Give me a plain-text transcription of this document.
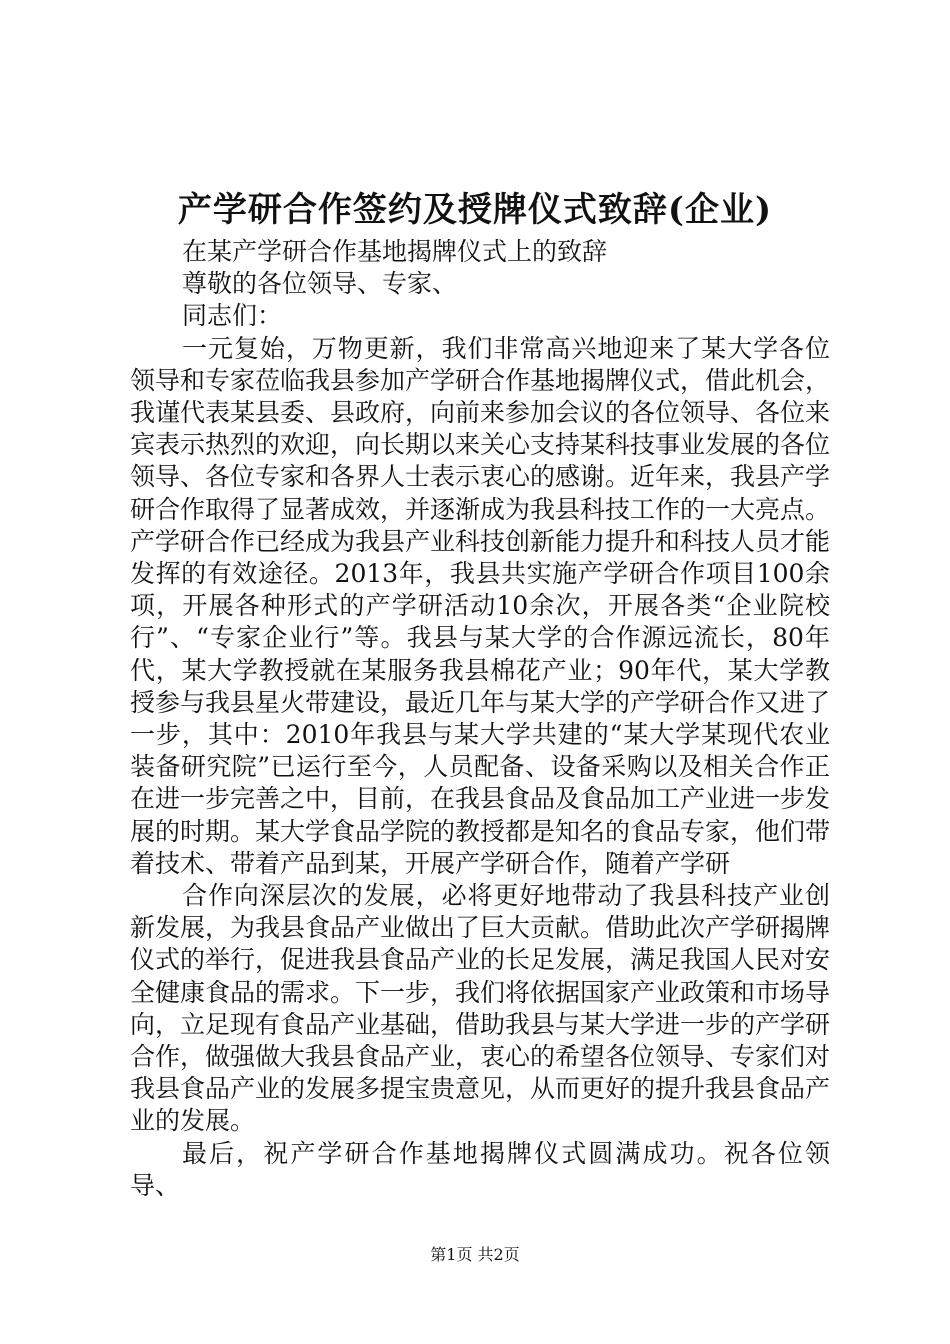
产学研合作签约及授牌仪式致辞(企业)
在某产学研合作基地揭牌仪式上的致辞
尊敬的各位领导、专家、
同志们：
一元复始，万物更新，我们非常高兴地迎来了某大学各位领导和专家莅临我县参加产学研合作基地揭牌仪式，借此机会，我谨代表某县委、县政府，向前来参加会议的各位领导、各位来宾表示热烈的欢迎，向长期以来关心支持某科技事业发展的各位领导、各位专家和各界人士表示衷心的感谢。近年来，我县产学研合作取得了显著成效，并逐渐成为我县科技工作的一大亮点。产学研合作已经成为我县产业科技创新能力提升和科技人员才能发挥的有效途径。2013年，我县共实施产学研合作项目100余项，开展各种形式的产学研活动10余次，开展各类“企业院校行”、“专家企业行”等。我县与某大学的合作源远流长，80年代，某大学教授就在某服务我县棉花产业；90年代，某大学教授参与我县星火带建设，最近几年与某大学的产学研合作又进了一步，其中：2010年我县与某大学共建的“某大学某现代农业装备研究院”已运行至今，人员配备、设备采购以及相关合作正在进一步完善之中，目前，在我县食品及食品加工产业进一步发展的时期。某大学食品学院的教授都是知名的食品专家，他们带着技术、带着产品到某，开展产学研合作，随着产学研
合作向深层次的发展，必将更好地带动了我县科技产业创新发展，为我县食品产业做出了巨大贡献。借助此次产学研揭牌仪式的举行，促进我县食品产业的长足发展，满足我国人民对安全健康食品的需求。下一步，我们将依据国家产业政策和市场导向，立足现有食品产业基础，借助我县与某大学进一步的产学研合作，做强做大我县食品产业，衷心的希望各位领导、专家们对我县食品产业的发展多提宝贵意见，从而更好的提升我县食品产业的发展。
最后，祝产学研合作基地揭牌仪式圆满成功。祝各位领导、
第1页 共2页
